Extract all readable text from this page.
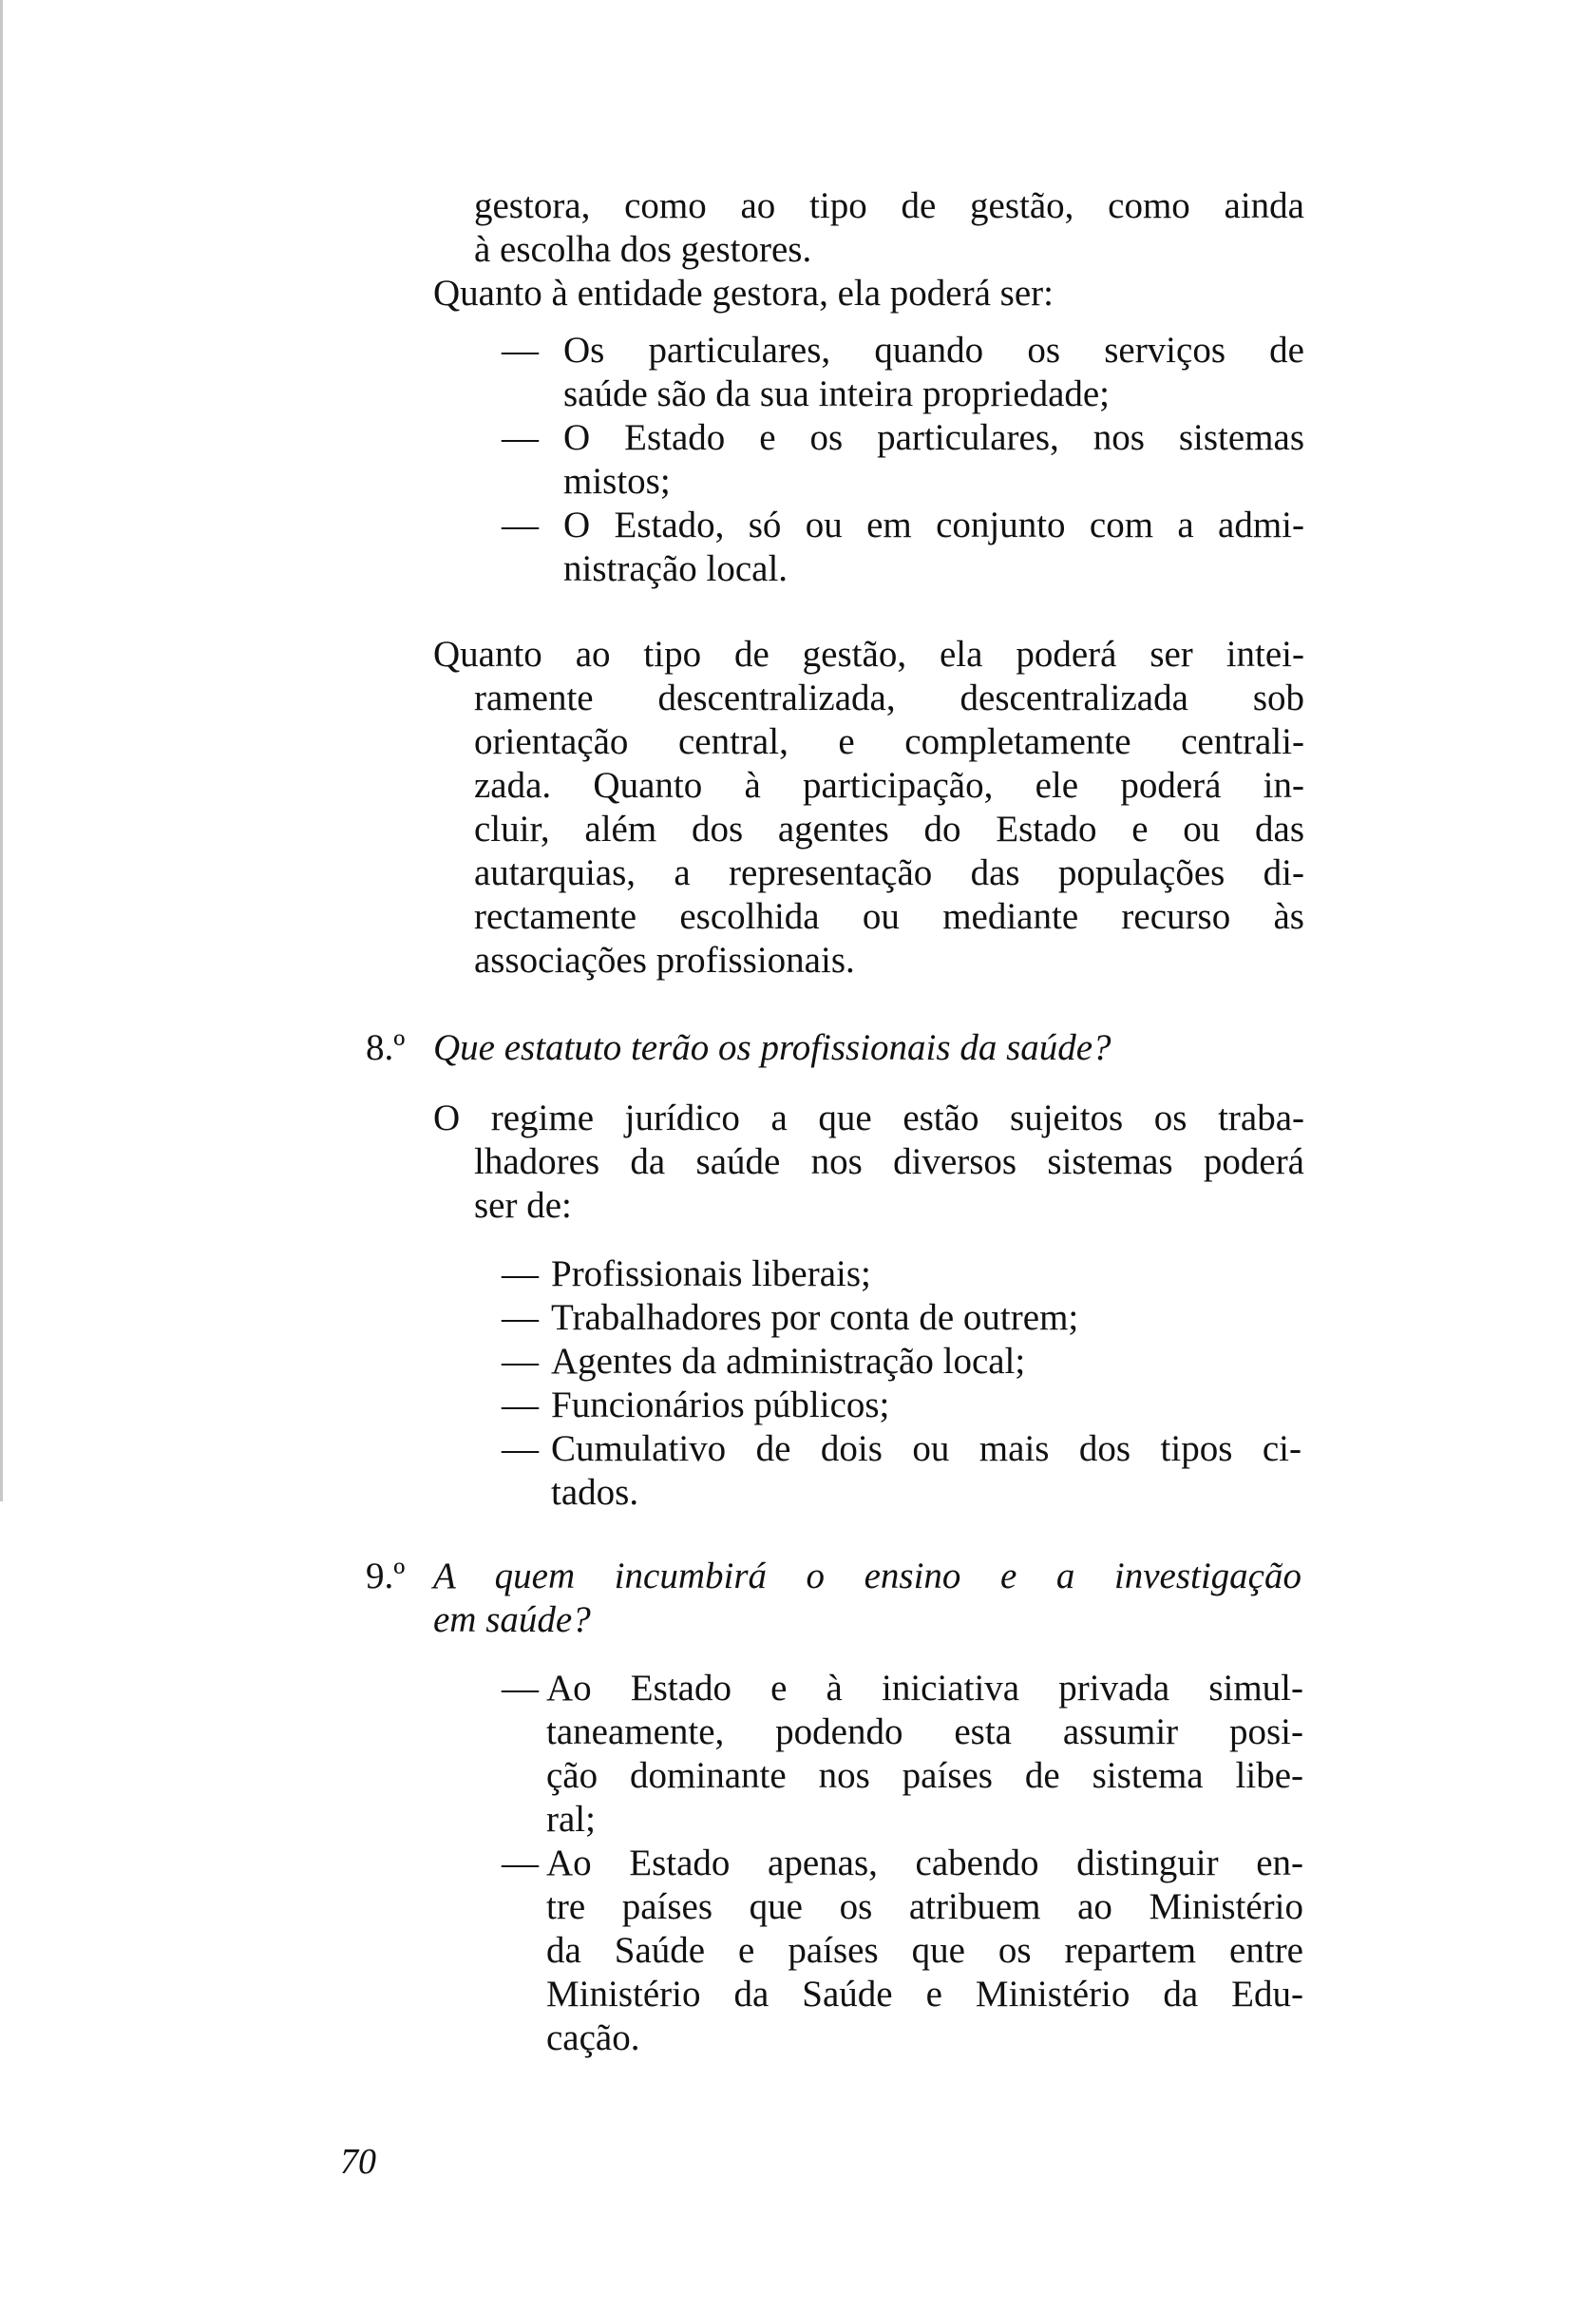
gestora, como ao tipo de gestão, como ainda
à escolha dos gestores.
Quanto à entidade gestora, ela poderá ser:
— Os particulares, quando os serviços de
saúde são da sua inteira propriedade;
— O Estado e os particulares, nos sistemas
mistos;
— O Estado, só ou em conjunto com a admi-
nistração local.
Quanto ao tipo de gestão, ela poderá ser intei-
ramente descentralizada, descentralizada sob
orientação central, e completamente centrali-
zada. Quanto à participação, ele poderá in-
cluir, além dos agentes do Estado e ou das
autarquias, a representação das populações di-
rectamente escolhida ou mediante recurso às
associações profissionais.
8.º Que estatuto terão os profissionais da saúde?
O regime jurídico a que estão sujeitos os traba-
lhadores da saúde nos diversos sistemas poderá
ser de:
— Profissionais liberais;
— Trabalhadores por conta de outrem;
— Agentes da administração local;
— Funcionários públicos;
— Cumulativo de dois ou mais dos tipos ci-
tados.
9.º A quem incumbirá o ensino e a investigação
em saúde?
— Ao Estado e à iniciativa privada simul-
taneamente, podendo esta assumir posi-
ção dominante nos países de sistema libe-
ral;
— Ao Estado apenas, cabendo distinguir en-
tre países que os atribuem ao Ministério
da Saúde e países que os repartem entre
Ministério da Saúde e Ministério da Edu-
cação.
70
